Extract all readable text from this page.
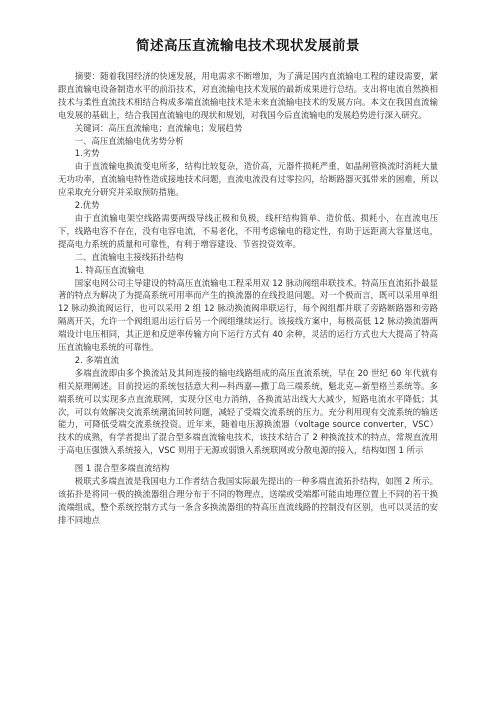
简述高压直流输电技术现状发展前景

摘要：随着我国经济的快速发展，用电需求不断增加，为了满足国内直流输电工程的建设需要，紧跟直流输电设备制造水平的前沿技术，对直流输电技术发展的最新成果进行总结。支出将电流自然换相技术与柔性直流技术相结合构成多端直流输电技术是未来直流输电技术的发展方向。本文在我国直流输电发展的基础上，结合我国直流输电的现状和规划，对我国今后直流输电的发展趋势进行深入研究。

关键词：高压直流输电；直流输电；发展趋势

一、高压直流输电优劣势分析

1.劣势

由于直流输电换流变电所多，结构比较复杂，造价高，元器件损耗严重，如晶闸管换流时消耗大量无功功率，直流输电特性造成接地技术问题，直流电流没有过零拉闪，给断路器灭弧带来的困难，所以应采取充分研究并采取预防措施。

2.优势

由于直流输电架空线路需要两级导线正极和负极，线杆结构简单、造价低、损耗小，在直流电压下，线路电容不存在，没有电容电流，不易老化，不用考虑输电的稳定性，有助于远距离大容量送电，提高电力系统的质量和可靠性，有利于增容建设、节省投资效率。

二、直流输电主接线拓扑结构

1. 特高压直流输电

国家电网公司主导建设的特高压直流输电工程采用双 12 脉动阀组串联技术。特高压直流拓扑最显著的特点为解决了为提高系统可用率而产生的换流器的在线投退问题。对一个极而言，既可以采用单组 12 脉动换流阀运行，也可以采用 2 组 12 脉动换流阀串联运行，每个阀组都并联了旁路断路器和旁路隔离开关，允许一个阀组退出运行后另一个阀组继续运行。该接线方案中，每极高低 12 脉动换流器两端设计电压相同，其正逆和反逆率传输方向下运行方式有 40 余种，灵活的运行方式也大大提高了特高压直流输电系统的可靠性。

2. 多端直流

多端直流即由多个换流站及其间连接的输电线路组成的高压直流系统，早在 20 世纪 60 年代就有相关原理阐述。目前投运的系统包括意大利—科西嘉—撒丁岛三端系统，魁北克—新型格兰系统等。多端系统可以实现多点直流联网，实现分区电力消纳，各换流站出线大大减少，短路电流水平降低；其次，可以有效解决交流系统潮流回转问题，减轻了受端交流系统的压力。充分利用现有交流系统的输送能力，可降低受端交流系统投资。近年来，随着电压源换流器（voltage source converter，VSC）技术的成熟，有学者提出了混合型多端直流输电技术，该技术结合了 2 种换流技术的特点，常规直流用于高电压强馈入系统接入，VSC 则用于无源或弱馈入系统联网或分散电源的接入，结构如图 1 所示

图 1 混合型多端直流结构

极联式多端直流是我国电力工作者结合我国实际最先提出的一种多端直流拓扑结构，如图 2 所示。该拓扑是将同一极的换流器组合理分布于不同的物理点，送端或受端都可能由地理位置上不同的若干换流端组成，整个系统控制方式与一条含多换流器组的特高压直流线路的控制没有区别，也可以灵活的安排不同地点
